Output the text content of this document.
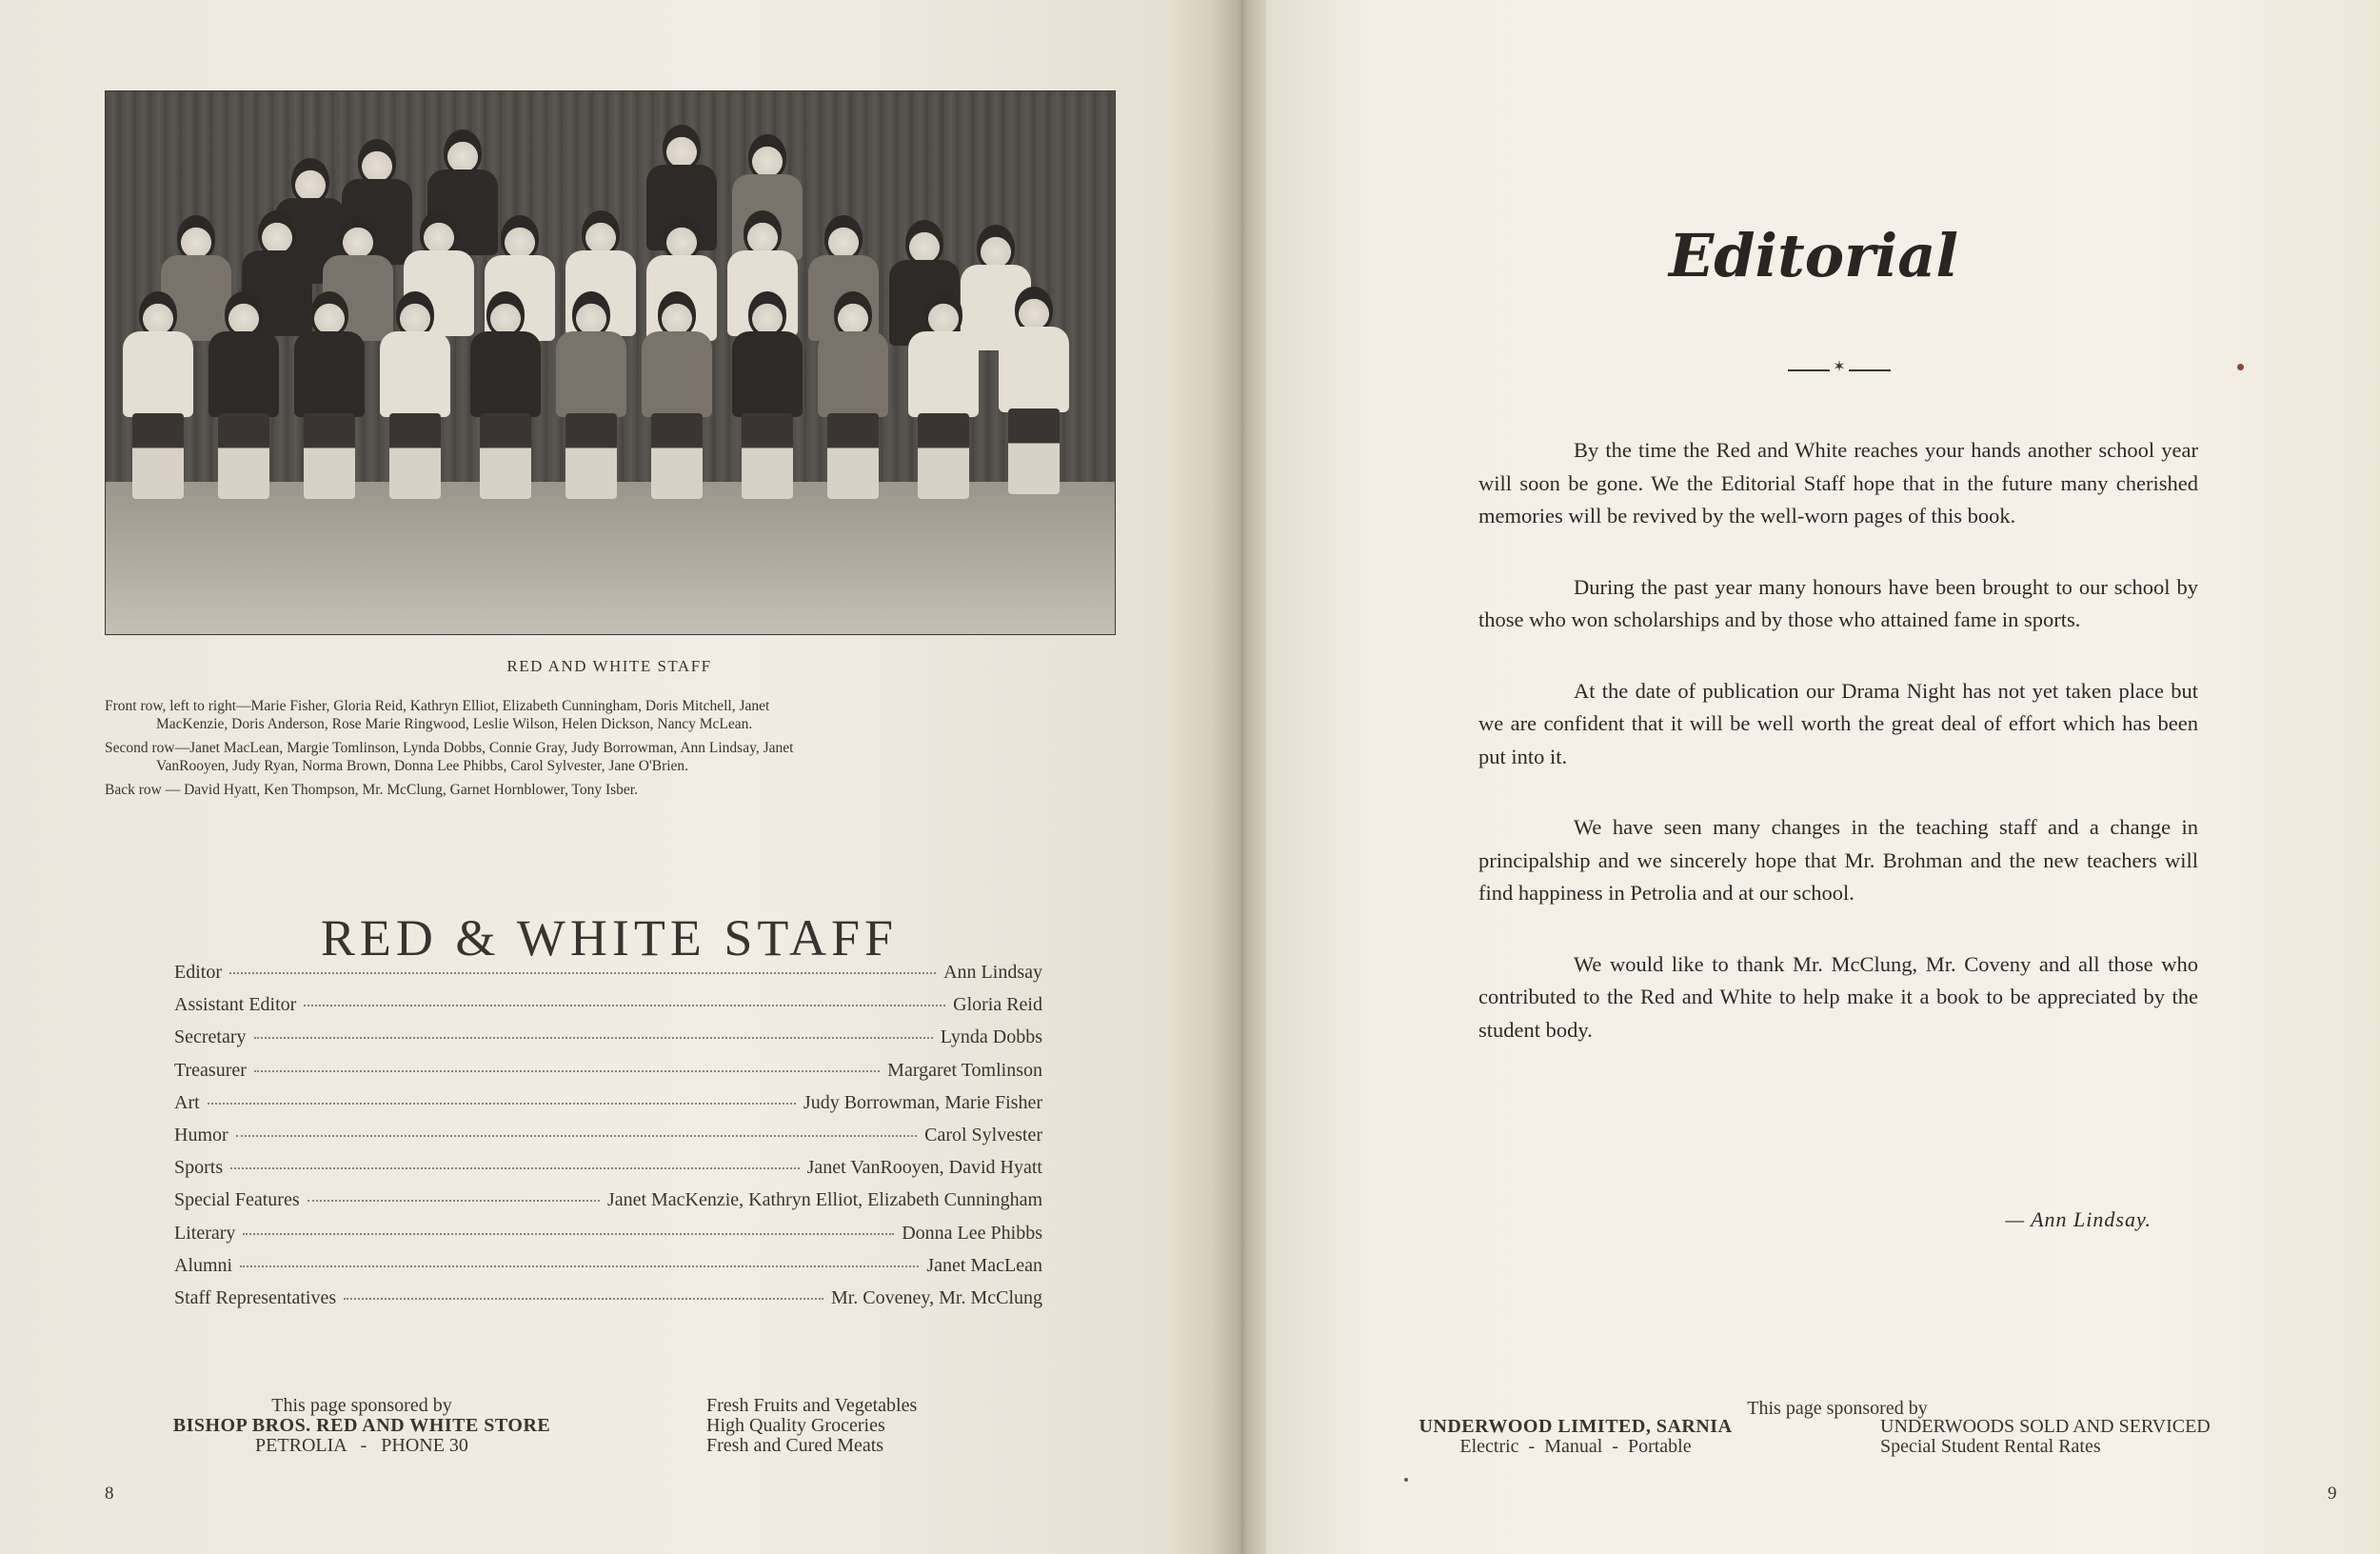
RED AND WHITE STAFF

Front row, left to right—Marie Fisher, Gloria Reid, Kathryn Elliot, Elizabeth Cunningham, Doris Mitchell, Janet
MacKenzie, Doris Anderson, Rose Marie Ringwood, Leslie Wilson, Helen Dickson, Nancy McLean.

Second row—Janet MacLean, Margie Tomlinson, Lynda Dobbs, Connie Gray, Judy Borrowman, Ann Lindsay, Janet
VanRooyen, Judy Ryan, Norma Brown, Donna Lee Phibbs, Carol Sylvester, Jane O'Brien.

Back row — David Hyatt, Ken Thompson, Mr. McClung, Garnet Hornblower, Tony Isber.

RED & WHITE STAFF
Editor	Ann Lindsay
Assistant Editor	Gloria Reid
Secretary	Lynda Dobbs
Treasurer	Margaret Tomlinson
Art	Judy Borrowman, Marie Fisher
Humor	Carol Sylvester
Sports	Janet VanRooyen, David Hyatt
Special Features	Janet MacKenzie, Kathryn Elliot, Elizabeth Cunningham
Literary	Donna Lee Phibbs
Alumni	Janet MacLean
Staff Representatives	Mr. Coveney, Mr. McClung
This page sponsored by
BISHOP BROS. RED AND WHITE STORE
PETROLIA   -   PHONE 30
Fresh Fruits and Vegetables
High Quality Groceries
Fresh and Cured Meats
8
Editorial
✶

By the time the Red and White reaches your hands another school year will soon be gone. We the Editorial Staff hope that in the future many cherished memories will be revived by the well-worn pages of this book.

During the past year many honours have been brought to our school by those who won scholarships and by those who attained fame in sports.

At the date of publication our Drama Night has not yet taken place but we are confident that it will be well worth the great deal of effort which has been put into it.

We have seen many changes in the teaching staff and a change in principalship and we sincerely hope that Mr. Brohman and the new teachers will find happiness in Petrolia and at our school.

We would like to thank Mr. McClung, Mr. Coveny and all those who contributed to the Red and White to help make it a book to be appreciated by the student body.

— Ann Lindsay.
This page sponsored by
UNDERWOOD LIMITED, SARNIA
Electric  -  Manual  -  Portable
UNDERWOODS SOLD AND SERVICED
Special Student Rental Rates
9
